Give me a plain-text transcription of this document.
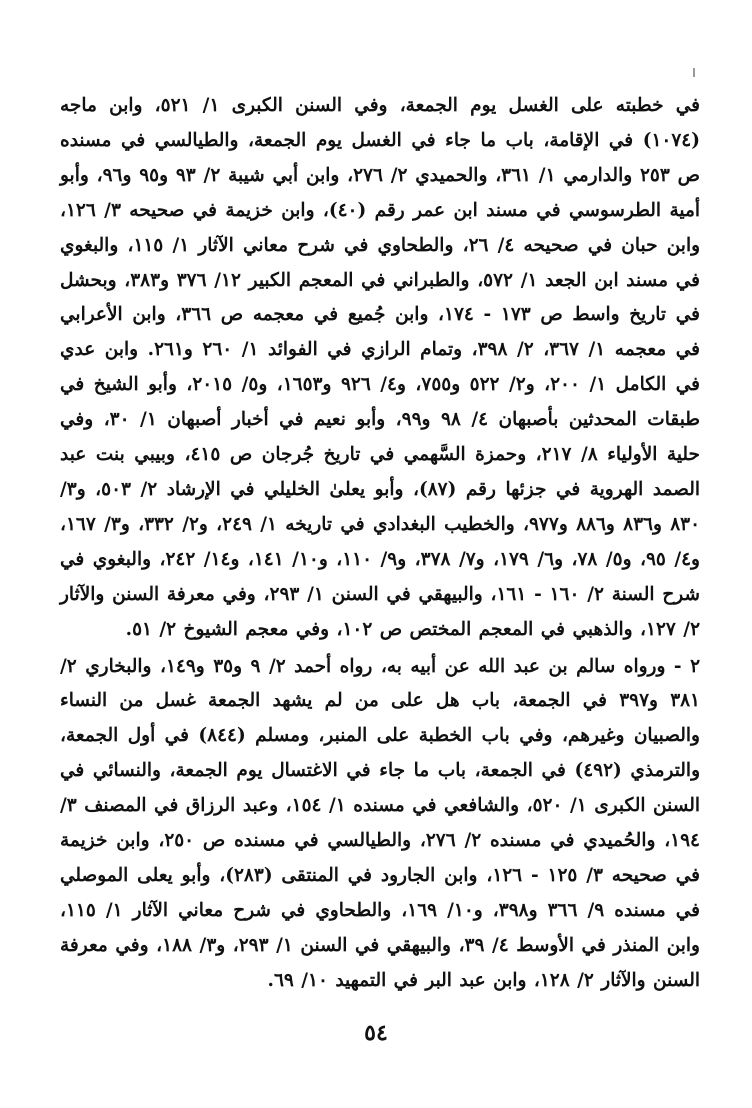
في خطبته على الغسل يوم الجمعة، وفي السنن الكبرى ١/ ٥٢١، وابن ماجه (١٠٧٤) في الإقامة، باب ما جاء في الغسل يوم الجمعة، والطيالسي في مسنده ص ٢٥٣ والدارمي ١/ ٣٦١، والحميدي ٢/ ٢٧٦، وابن أبي شيبة ٢/ ٩٣ و٩٥ و٩٦، وأبو أمية الطرسوسي في مسند ابن عمر رقم (٤٠)، وابن خزيمة في صحيحه ٣/ ١٢٦، وابن حبان في صحيحه ٤/ ٢٦، والطحاوي في شرح معاني الآثار ١/ ١١٥، والبغوي في مسند ابن الجعد ١/ ٥٧٢، والطبراني في المعجم الكبير ١٢/ ٣٧٦ و٣٨٣، وبحشل في تاريخ واسط ص ١٧٣ - ١٧٤، وابن جُميع في معجمه ص ٣٦٦، وابن الأعرابي في معجمه ١/ ٣٦٧، ٢/ ٣٩٨، وتمام الرازي في الفوائد ١/ ٢٦٠ و٢٦١. وابن عدي في الكامل ١/ ٢٠٠، و٢/ ٥٢٢ و٧٥٥، و٤/ ٩٢٦ و١٦٥٣، و٥/ ٢٠١٥، وأبو الشيخ في طبقات المحدثين بأصبهان ٤/ ٩٨ و٩٩، وأبو نعيم في أخبار أصبهان ١/ ٣٠، وفي حلية الأولياء ٨/ ٢١٧، وحمزة السَّهمي في تاريخ جُرجان ص ٤١٥، وبيبي بنت عبد الصمد الهروية في جزئها رقم (٨٧)، وأبو يعلىٰ الخليلي في الإرشاد ٢/ ٥٠٣، و٣/ ٨٣٠ و٨٣٦ و٨٨٦ و٩٧٧، والخطيب البغدادي في تاريخه ١/ ٢٤٩، و٢/ ٣٣٢، و٣/ ١٦٧، و٤/ ٩٥، و٥/ ٧٨، و٦/ ١٧٩، و٧/ ٣٧٨، و٩/ ١١٠، و١٠/ ١٤١، و١٤/ ٢٤٢، والبغوي في شرح السنة ٢/ ١٦٠ - ١٦١، والبيهقي في السنن ١/ ٢٩٣، وفي معرفة السنن والآثار ٢/ ١٢٧، والذهبي في المعجم المختص ص ١٠٢، وفي معجم الشيوخ ٢/ ٥١.

٢ - ورواه سالم بن عبد الله عن أبيه به، رواه أحمد ٢/ ٩ و٣٥ و١٤٩، والبخاري ٢/ ٣٨١ و٣٩٧ في الجمعة، باب هل على من لم يشهد الجمعة غسل من النساء والصبيان وغيرهم، وفي باب الخطبة على المنبر، ومسلم (٨٤٤) في أول الجمعة، والترمذي (٤٩٢) في الجمعة، باب ما جاء في الاغتسال يوم الجمعة، والنسائي في السنن الكبرى ١/ ٥٢٠، والشافعي في مسنده ١/ ١٥٤، وعبد الرزاق في المصنف ٣/ ١٩٤، والحُميدي في مسنده ٢/ ٢٧٦، والطيالسي في مسنده ص ٢٥٠، وابن خزيمة في صحيحه ٣/ ١٢٥ - ١٢٦، وابن الجارود في المنتقى (٢٨٣)، وأبو يعلى الموصلي في مسنده ٩/ ٣٦٦ و٣٩٨، و١٠/ ١٦٩، والطحاوي في شرح معاني الآثار ١/ ١١٥، وابن المنذر في الأوسط ٤/ ٣٩، والبيهقي في السنن ١/ ٢٩٣، و٣/ ١٨٨، وفي معرفة السنن والآثار ٢/ ١٢٨، وابن عبد البر في التمهيد ١٠/ ٦٩.

٥٤
